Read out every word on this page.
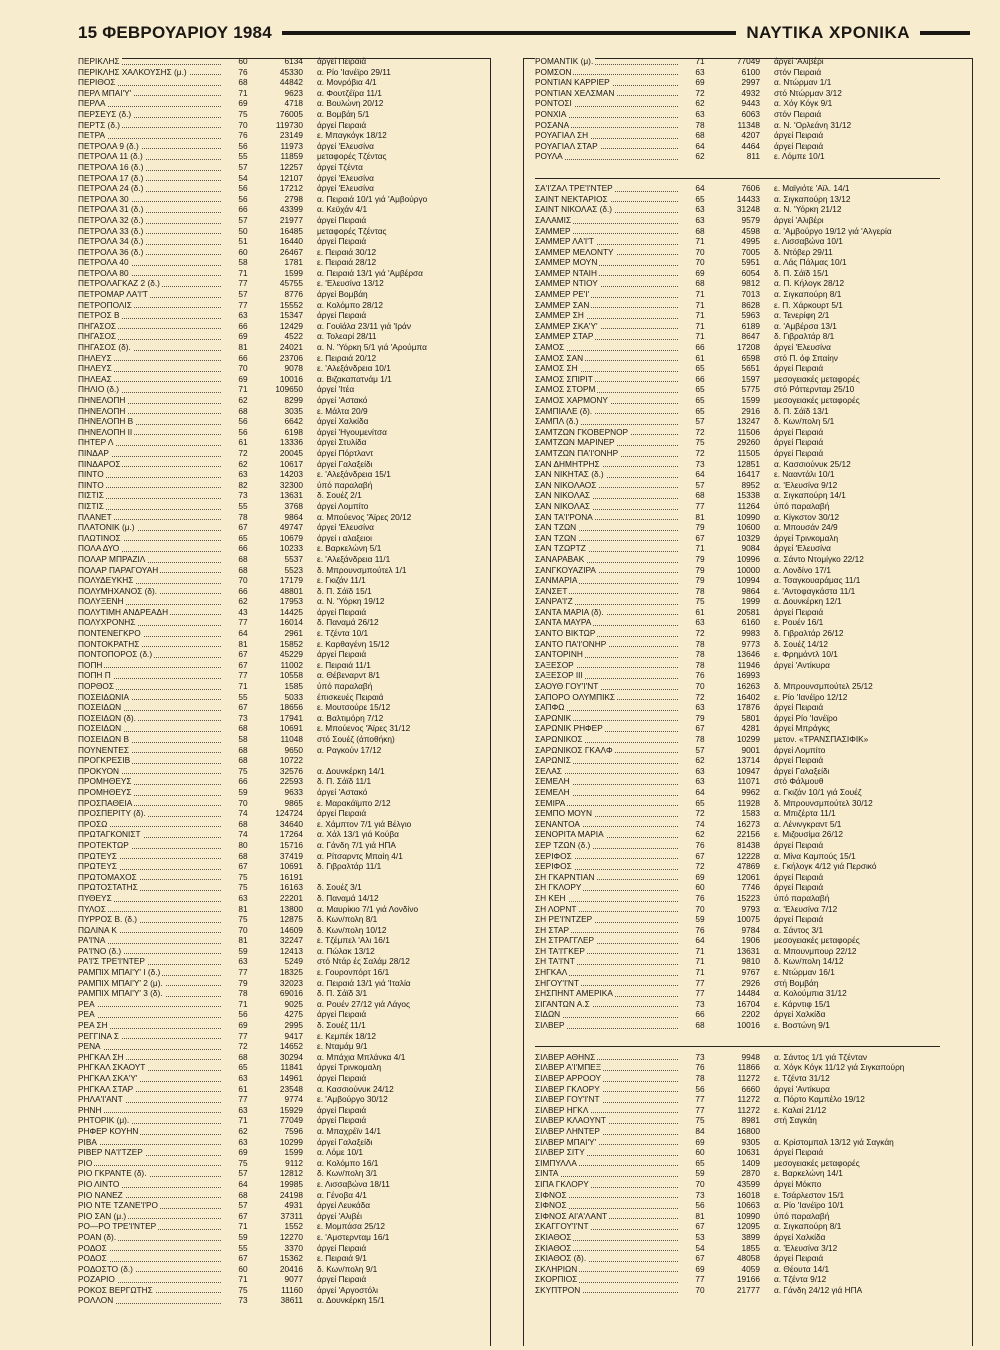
15 ΦΕΒΡΟΥΑΡΙΟΥ 1984	ΝΑΥΤΙΚΑ ΧΡΟΝΙΚΑ
ΠΕΡΙΚΛΗΣ	60	6134	άργεί Πειραιά
ΠΕΡΙΚΛΗΣ ΧΑΛΚΟΥΣΗΣ (μ.)	76	45330	α. Ρίο 'Ιανέϊρο 29/11
ΠΕΡΙΘΟΣ	68	44842	α. Μονρόβια 4/1
ΠΕΡΛ ΜΠΑΙ'Υ'	71	9623	α. Φουτζέϊρα 11/1
ΠΕΡΛΑ	69	4718	α. Βουλώνη 20/12
ΠΕΡΣΕΥΣ (δ.)	75	76005	α. Βομβάη 5/1
ΠΕΡΤΣ (δ.)	70	119730	άργεί Πειραιά
ΠΕΤΡΑ	76	23149	ε. Μπαγκόγκ 18/12
ΠΕΤΡΟΛΑ 9 (δ.)	56	11973	άργεί 'Ελευσίνα
ΠΕΤΡΟΛΑ 11 (δ.)	55	11859	μεταφορές Τζέντας
ΠΕΤΡΟΛΑ 16 (δ.)	57	12257	άργεί Τζέντα
ΠΕΤΡΟΛΑ 17 (δ.)	54	12107	άργεί 'Ελευσίνα
ΠΕΤΡΟΛΑ 24 (δ.)	56	17212	άργεί 'Ελευσίνα
ΠΕΤΡΟΛΑ 30	56	2798	α. Πειραιά 10/1 γιά 'Αμβούργο
ΠΕΤΡΟΛΑ 31 (δ.)	66	43399	α. Κεϋχάν 4/1
ΠΕΤΡΟΛΑ 32 (δ.)	57	21977	άργεί Πειραιά
ΠΕΤΡΟΛΑ 33 (δ.)	50	16485	μεταφορές Τζέντας
ΠΕΤΡΟΛΑ 34 (δ.)	51	16440	άργεί Πειραιά
ΠΕΤΡΟΛΑ 36 (δ.)	60	26467	ε. Πειραιά 30/12
ΠΕΤΡΟΛΑ 40	58	1781	ε. Πειραιά 28/12
ΠΕΤΡΟΛΑ 80	71	1599	α. Πειραιά 13/1 γιά 'Αμβέρσα
ΠΕΤΡΟΛΑΓΚΑΖ 2 (δ.)	77	45755	ε. 'Ελευσίνα 13/12
ΠΕΤΡΟΜΑΡ ΛΑ'Ι'Τ	57	8776	άργεί Βομβάη
ΠΕΤΡΟΠΟΛΙΣ	77	15552	α. Κολόμπο 28/12
ΠΕΤΡΟΣ Β	63	15347	άργεί Πειραιά
ΠΗΓΑΣΟΣ	66	12429	α. Γουϊάλα 23/11 γιά 'Ιράν
ΠΗΓΑΣΟΣ	69	4522	α. Τολεαρί 28/11
ΠΗΓΑΣΟΣ (δ).	81	24021	α. Ν. 'Υόρκη 5/1 γιά 'Αρούμπα
ΠΗΛΕΥΣ	66	23706	ε. Πειραιά 20/12
ΠΗΛΕΥΣ	70	9078	ε. 'Αλεξάνδρεια 10/1
ΠΗΛΕΑΣ	69	10016	α. Βιζακαπατνάμ 1/1
ΠΗΛΙΟ (δ.)	71	109650	άργεί 'Ιτέα
ΠΗΝΕΛΟΠΗ	62	8299	άργεί 'Αστακό
ΠΗΝΕΛΟΠΗ	68	3035	ε. Μάλτα 20/9
ΠΗΝΕΛΟΠΗ Β	56	6642	άργεί Χαλκίδα
ΠΗΝΕΛΟΠΗ ΙΙ	56	6198	άργεί 'Ηγουμενίτσα
ΠΗΤΕΡ Λ	61	13336	άργεί Στυλίδα
ΠΙΝΔΑΡ	72	20045	άργεί Πόρτλαντ
ΠΙΝΔΑΡΟΣ	62	10617	άργεί Γαλαξείδι
ΠΙΝΤΟ	63	14203	ε. 'Αλεξάνδρεια 15/1
ΠΙΝΤΟ	82	32300	ύπό παραλαβή
ΠΙΣΤΙΣ	73	13631	δ. Σουέζ 2/1
ΠΙΣΤΙΣ	55	3768	άργεί Λομπίτο
ΠΛΑΝΕΤ	78	9864	α. Μπούενος 'Άϊρες 20/12
ΠΛΑΤΟΝΙΚ (μ.)	67	49747	άργεί 'Ελευσίνα
ΠΛΩΤΙΝΟΣ	65	10679	άργεί ι αλαξειοι
ΠΟΛΑ ΔΥΟ	66	10233	ε. Βαρκελώνη 5/1
ΠΟΛΑΡ ΜΠΡΑΖΙΛ	68	5537	ε. 'Αλεξάνδρεια 11/1
ΠΟΛΑΡ ΠΑΡΑΓΟΥΑΗ	68	5523	δ. Μπρουνσμπούτελ 1/1
ΠΟΛΥΔΕΥΚΗΣ	70	17179	ε. Γκιζάν 11/1
ΠΟΛΥΜΗΧΑΝΟΣ (δ).	66	48801	δ. Π. Σάϊδ 15/1
ΠΟΛΥΞΕΝΗ	62	17953	α. Ν. 'Υόρκη 19/12
ΠΟΛΥΤΙΜΗ ΑΝΔΡΕΑΔΗ	43	14425	άργεί Πειραιά
ΠΟΛΥΧΡΟΝΗΣ	77	16014	δ. Παναμά 26/12
ΠΟΝΤΕΝΕΓΚΡΟ	64	2961	ε. Τζέντα 10/1
ΠΟΝΤΟΚΡΑΤΗΣ	81	15852	ε. Καρθαγένη 15/12
ΠΟΝΤΟΠΟΡΟΣ (δ.)	67	45229	άργεί Πειραιά
ΠΟΠΗ	67	11002	ε. Πειραιά 11/1
ΠΟΠΗ Π	77	10558	α. Θέβεναρντ 8/1
ΠΟΡΘΟΣ	71	1585	ύπό παραλαβή
ΠΟΣΕΙΔΩΝΙΑ	55	5033	έπισκευές Πειραιά
ΠΟΣΕΙΔΩΝ	67	18656	ε. Μουτσούρε 15/12
ΠΟΣΕΙΔΩΝ (δ).	73	17941	α. Βαλτιμόρη 7/12
ΠΟΣΕΙΔΩΝ	68	10691	ε. Μπούενος 'Άϊρες 31/12
ΠΟΣΕΙΔΩΝ Β	58	11048	στό Σουέζ (άποθήκη)
ΠΟΥΝΕΝΤΕΣ	68	9650	α. Ραγκούν 17/12
ΠΡΟΓΚΡΕΣΙΒ	68	10722
ΠΡΟΚΥΟΝ	75	32576	α. Δουνκέρκη 14/1
ΠΡΟΜΗΘΕΥΣ	66	22593	δ. Π. Σάϊδ 11/1
ΠΡΟΜΗΘΕΥΣ	59	9633	άργεί 'Αστακό
ΠΡΟΣΠΑΘΕΙΑ	70	9865	ε. Μαρακάϊμπο 2/12
ΠΡΟΣΠΕΡΙΤΥ (δ).	74	124724	άργεί Πειραιά
ΠΡΟΣΩ	68	34640	ε. Χάμπτον 7/1 γιά Βέλγιο
ΠΡΩΤΑΓΚΟΝΙΣΤ	74	17264	α. Χάλ 13/1 γιά Κούβα
ΠΡΟΤΕΚΤΩΡ	80	15716	α. Γάνδη 7/1 γιά ΗΠΑ
ΠΡΩΤΕΥΣ	68	37419	α. Ρίτσαρντς Μπαίη 4/1
ΠΡΩΤΕΥΣ	67	10691	δ. Γιβραλτάρ 11/1
ΠΡΩΤΟΜΑΧΟΣ	75	16191
ΠΡΩΤΟΣΤΑΤΗΣ	75	16163	δ. Σουέζ 3/1
ΠΥΘΕΥΣ	63	22201	δ. Παναμά 14/12
ΠΥΛΟΣ	81	13800	α. Μαυρίκιο 7/1 γιά Λονδίνο
ΠΥΡΡΟΣ Β. (δ.)	75	12875	δ. Κων/πολη 8/1
ΠΩΛΙΝΑ Κ	70	14609	δ. Κων/πολη 10/12
ΡΑ'Ι'ΝΑ	81	32247	ε. Τζέμπελ 'Αλι 16/1
ΡΑ'Ι'ΝΟ (δ.)	59	12413	α. Πώλακ 13/12
ΡΑ'Ι'Σ ΤΡΕ'Ι'ΝΤΕΡ	63	5249	στό Ντάρ ές Σαλάμ 28/12
ΡΑΜΠΙΧ ΜΠΑΙ'Υ' Ι (δ.)	77	18325	ε. Γουρονπόρτ 16/1
ΡΑΜΠΙΧ ΜΠΑΙ'Υ' 2 (μ).	79	32023	α. Πειραιά 13/1 γιά 'Ιταλία
ΡΑΜΠΙΧ ΜΠΑΙ'Υ' 3 (δ).	78	69016	δ. Π. Σάϊδ 3/1
ΡΕΑ	71	9025	α. Ρουέν 27/12 γιά Λάγος
ΡΕΑ	56	4275	άργεί Πειραιά
ΡΕΑ ΣΗ	69	2995	δ. Σουέζ 11/1
ΡΕΓΓΙΝΑ Σ	77	9417	ε. Κεμπέκ 18/12
ΡΕΝΑ	72	14652	ε. Νταμάμ 9/1
ΡΗΓΚΑΛ ΣΗ	68	30294	α. Μπάχια Μπλάνκα 4/1
ΡΗΓΚΑΛ ΣΚΑΟΥΤ	65	11841	άργεί Τρινκομαλη
ΡΗΓΚΑΛ ΣΚΑ'Υ'	63	14961	άργεί Πειραιά
ΡΗΓΚΑΛ ΣΤΑΡ	61	23548	α. Κασσιούνυκ 24/12
ΡΗΛΑ'Ι'ΑΝΤ	77	9774	ε. 'Αμβούργο 30/12
ΡΗΝΗ	63	15929	άργεί Πειραιά
ΡΗΤΟΡΙΚ (μ).	71	77049	άργεί Πειραιά
ΡΗΦΕΡ ΚΟΥΗΝ	62	7596	α. Μπαχρέϊν 14/1
ΡΙΒΑ	63	10299	άργεί Γαλαξείδι
ΡΙΒΕΡ ΝΑ'Ι'ΤΖΕΡ	69	1599	α. Λόμε 10/1
ΡΙΟ	75	9112	α. Κολόμπο 16/1
ΡΙΟ ΓΚΡΑΝΤΕ (δ).	57	12812	δ. Κων/πολη 3/1
ΡΙΟ ΛΙΝΤΟ	64	19985	ε. Λισσαβώνα 18/11
ΡΙΟ ΝΑΝΕΖ	68	24198	α. Γένοβα 4/1
ΡΙΟ ΝΤΕ ΤΖΑΝΕ'Ι'ΡΟ	57	4931	άργεί Λευκάδα
ΡΙΟ ΣΑΝ (μ.)	67	37311	άργεί 'Αλιβέι
ΡΟ—ΡΟ ΤΡΕ'Ι'ΝΤΕΡ	71	1552	ε. Μομπάσα 25/12
ΡΟΑΝ (δ).	59	12270	ε. 'Αμστερνταμ 16/1
ΡΟΔΟΣ	55	3370	άργεί Πειραιά
ΡΟΔΟΣ	67	15362	ε. Πειραιά 9/1
ΡΟΔΟΣΤΟ (δ.)	60	20416	δ. Κων/πολη 9/1
ΡΟΖΑΡΙΟ	71	9077	άργεί Πειραιά
ΡΟΚΟΣ ΒΕΡΓΩΤΗΣ	75	11160	άργεί 'Αργοστόλι
ΡΟΛΛΟΝ	73	38611	α. Δουνκέρκη 15/1
ΡΟΜΑΝΤΙΚ (μ).	71	77049	άργεί 'Αλιβέρι
ΡΟΜΣΟΝ	63	6100	στόν Πειραιά
ΡΟΝΤΙΑΝ ΚΑΡΡΙΕΡ	69	2997	α. Ντώρμαν 1/1
ΡΟΝΤΙΑΝ ΧΕΛΣΜΑΝ	72	4932	στό Ντώρμαν 3/12
ΡΟΝΤΟΣΙ	62	9443	α. Χόγ Κόγκ 9/1
ΡΟΝΧΙΑ	63	6063	στόν Πειραιά
ΡΟΣΑΝΑ	78	11348	α. Ν. 'Ορλεάνη 31/12
ΡΟΥΑΓΙΑΛ ΣΗ	68	4207	άργεί Πειραιά
ΡΟΥΑΓΙΑΛ ΣΤΑΡ	64	4464	άργεί Πειραιά
ΡΟΥΛΑ	62	811	ε. Λόμπε 10/1
ΣΑ'Ι'ΖΑΛ ΤΡΕ'Ι'ΝΤΕΡ	64	7606	ε. Μαϊγιότε 'Αϊλ. 14/1
ΣΑΙΝΤ ΝΕΚΤΑΡΙΟΣ	65	14433	α. Σιγκαπούρη 13/12
ΣΑΙΝΤ ΝΙΚΟΛΑΣ (δ.)	63	31248	α. Ν. 'Υόρκη 21/12
ΣΑΛΑΜΙΣ	63	9579	άργεί 'Αλιβέρι
ΣΑΜΜΕΡ	68	4598	α. 'Αμβούργο 19/12 γιά 'Αλγερία
ΣΑΜΜΕΡ ΛΑ'Ι'Τ	71	4995	ε. Λισσαβώνα 10/1
ΣΑΜΜΕΡ ΜΕΛΟΝΤΥ	70	7005	δ. Ντόβερ 29/11
ΣΑΜΜΕΡ ΜΟΥΝ	70	5951	α. Λάς Πάλμας 10/1
ΣΑΜΜΕΡ ΝΤΑΙΗ	69	6054	δ. Π. Σάϊδ 15/1
ΣΑΜΜΕΡ ΝΤΙΟΥ	68	9812	α. Π. Κήλογκ 28/12
ΣΑΜΜΕΡ ΡΕ'Ι'	71	7013	α. Σιγκαπούρη 8/1
ΣΑΜΜΕΡ ΣΑΝ	71	8628	ε. Π. Χάρκουρτ 5/1
ΣΑΜΜΕΡ ΣΗ	71	5963	α. Τενερίφη 2/1
ΣΑΜΜΕΡ ΣΚΑ'Υ'	71	6189	α. 'Αμβέρσα 13/1
ΣΑΜΜΕΡ ΣΤΑΡ	71	8647	δ. Γιβραλτάρ 8/1
ΣΑΜΟΣ	66	17208	άργεί 'Ελευσίνα
ΣΑΜΟΣ ΣΑΝ	61	6598	στό Π. όφ Σπαίην
ΣΑΜΟΣ ΣΗ	65	5651	άργεί Πειραιά
ΣΑΜΟΣ ΣΠΙΡΙΤ	66	1597	μεσογειακές μεταφορές
ΣΑΜΟΣ ΣΤΟΡΜ	65	5775	στό Ρόττερνταμ 25/10
ΣΑΜΟΣ ΧΑΡΜΟΝΥ	65	1599	μεσογειακές μεταφορές
ΣΑΜΠΙΑΛΕ (δ).	65	2916	δ. Π. Σάϊδ 13/1
ΣΑΜΠΛ (δ.)	57	13247	δ. Κων/πολη 5/1
ΣΑΜΤΖΩΝ ΓΚΟΒΕΡΝΟΡ	72	11506	άργεί Πειραιά
ΣΑΜΤΖΩΝ ΜΑΡΙΝΕΡ	75	29260	άργεί Πειραιά
ΣΑΜΤΖΩΝ ΠΑ'Ι'ΟΝΗΡ	72	11505	άργεί Πειραιά
ΣΑΝ ΔΗΜΗΤΡΗΣ	73	12851	α. Κασσιούνυκ 25/12
ΣΑΝ ΝΙΚΗΤΑΣ (δ.)	64	16417	ε. Νααντάλι 10/1
ΣΑΝ ΝΙΚΟΛΑΟΣ	57	8952	α. 'Ελευσίνα 9/12
ΣΑΝ ΝΙΚΟΛΑΣ	68	15338	α. Σιγκαπούρη 14/1
ΣΑΝ ΝΙΚΟΛΑΣ	77	11264	ύπό παραλαβή
ΣΑΝ ΤΑ'Ι'ΡΟΝΑ	81	10990	α. Κίγκστον 30/12
ΣΑΝ ΤΖΩΝ	79	10600	α. Μπουσάν 24/9
ΣΑΝ ΤΖΩΝ	67	10329	άργεί Τρινκομαλη
ΣΑΝ ΤΖΩΡΤΖ	71	9084	άργεί 'Ελευσίνα
ΣΑΝΑΡΑΒΑΚ	79	10996	α. Σάντο Ντομίγκο 22/12
ΣΑΝΓΚΟΥΑΖΙΡΑ	79	10000	α. Λονδίνο 17/1
ΣΑΝΜΑΡΙΑ	79	10994	α. Τσαγκουαράμας 11/1
ΣΑΝΣΕΤ	78	9864	ε. 'Αντοφαγκάστα 11/1
ΣΑΝΡΑ'Ι'Ζ	75	1999	α. Δουνκέρκη 12/1
ΣΑΝΤΑ ΜΑΡΙΑ (δ).	61	20581	άργεί Πειραιά
ΣΑΝΤΑ ΜΑΥΡΑ	63	6160	ε. Ρουέν 16/1
ΣΑΝΤΟ ΒΙΚΤΩΡ	72	9983	δ. Γιβραλτάρ 26/12
ΣΑΝΤΟ ΠΑ'Ι'ΟΝΗΡ	78	9773	δ. Σουέζ 14/12
ΣΑΝΤΟΡΙΝΗ	78	13646	ε. Φρημάντλ 10/1
ΣΑΞΕΣΟΡ	78	11946	άργεί 'Αντίκυρα
ΣΑΞΕΣΟΡ ΙΙΙ	76	16993
ΣΑΟΥΘ ΓΟΥ'Ι'ΝΤ	70	16263	δ. Μπρουνσμπούτελ 25/12
ΣΑΠΟΡΟ ΟΛΥΜΠΙΚΣ	72	16402	ε. Ρίο 'Ιανέϊρο 12/12
ΣΑΠΦΩ	63	17876	άργεί Πειραιά
ΣΑΡΩΝΙΚ	79	5801	άργεί Ρίο 'Ιανέϊρο
ΣΑΡΩΝΙΚ ΡΗΦΕΡ	67	4281	άργεί Μπράγκς
ΣΑΡΩΝΙΚΟΣ	78	10299	μετον. «ΤΡΑΝΣΠΑΣΙΦΙΚ»
ΣΑΡΩΝΙΚΟΣ ΓΚΑΛΦ	57	9001	άργεί Λομπίτο
ΣΑΡΩΝΙΣ	62	13714	άργεί Πειραιά
ΣΕΛΑΣ	63	10947	άργεί Γαλαξείδι
ΣΕΜΕΛΗ	63	11071	στό Φάλμουθ
ΣΕΜΕΛΗ	64	9962	α. Γκιζάν 10/1 γιά Σουέζ
ΣΕΜΙΡΑ	65	11928	δ. Μπρουνσμπούτελ 30/12
ΣΕΜΠΟ ΜΟΥΝ	72	1583	α. Μπιζέρτα 11/1
ΣΕΝΑΝΤΟΑ	74	16273	α. Λένινγκραντ 5/1
ΣΕΝΟΡΙΤΑ ΜΑΡΙΑ	62	22156	ε. Μιζουσίμα 26/12
ΣΕΡ ΤΖΩΝ (δ.)	76	81438	άργεί Πειραιά
ΣΕΡΙΦΟΣ	67	12228	α. Μίνα Καμπούς 15/1
ΣΕΡΙΦΟΣ	72	47869	ε. Γκήλογκ 4/12 γιά Περσικό
ΣΗ ΓΚΑΡΝΤΙΑΝ	69	12061	άργεί Πειραιά
ΣΗ ΓΚΛΟΡΥ	60	7746	άργεί Πειραιά
ΣΗ ΚΕΗ	76	15223	ύπό παραλαβή
ΣΗ ΛΟΡΝΤ	70	9793	α. 'Ελευσίνα 7/12
ΣΗ ΡΕ'Ι'ΝΤΖΕΡ	59	10075	άργεί Πειραιά
ΣΗ ΣΤΑΡ	76	9784	α. Σάντος 3/1
ΣΗ ΣΤΡΑΓΓΛΕΡ	64	1906	μεσογειακές μεταφορές
ΣΗ ΤΑ'Ι'ΓΚΕΡ	71	13631	α. Μπουνμπουρ 22/12
ΣΗ ΤΑ'Ι'ΝΤ	71	9810	δ. Κων/πολη 14/12
ΣΗΓΚΑΛ	71	9767	ε. Ντώρμαν 16/1
ΣΗΓΟΥ'Ι'ΝΤ	77	2926	στή Βομβάη
ΣΗΣΠΗΝΤ ΑΜΕΡΙΚΑ	77	14484	α. Κολούμπια 31/12
ΣΙΓΑΝΤΩΝ Α.Σ	73	16704	ε. Κάρντιφ 15/1
ΣΙΔΩΝ	66	2202	άργεί Χαλκίδα
ΣΙΛΒΕΡ	68	10016	ε. Βοστώνη 9/1
ΣΙΛΒΕΡ ΑΘΗΝΣ	73	9948	α. Σάντος 1/1 γιά Τζένταν
ΣΙΛΒΕΡ Α'Ι'ΜΠΕΞ	76	11866	α. Χόγκ Κόγκ 11/12 γιά Σιγκαπούρη
ΣΙΛΒΕΡ ΑΡΡΟΟΥ	78	11272	ε. Τζέντα 31/12
ΣΙΛΒΕΡ ΓΚΛΟΡΥ	56	6660	άργεί 'Αντίκυρα
ΣΙΛΒΕΡ ΓΟΥ'Ι'ΝΤ	77	11272	α. Πόρτο Καμπέλο 19/12
ΣΙΛΒΕΡ ΗΓΚΛ	77	11272	ε. Καλαί 21/12
ΣΙΛΒΕΡ ΚΛΑΟΥΝΤ	75	8981	στή Σαγκάη
ΣΙΛΒΕΡ ΛΗΝΤΕΡ	84	16800
ΣΙΛΒΕΡ ΜΠΑΙ'Υ'	69	9305	α. Κρίστομπαλ 13/12 γιά Σαγκάη
ΣΙΛΒΕΡ ΣΙΤΥ	60	10631	άργεί Πειραιά
ΣΙΜΠΥΛΛΑ	65	1409	μεσογειακές μεταφορές
ΣΙΝΤΑ	59	2870	ε. Βαρκελώνη 14/1
ΣΙΠΑ ΓΚΛΟΡΥ	70	43599	άργεί Μόκπο
ΣΙΦΝΟΣ	73	16018	ε. Τσάρλεστον 15/1
ΣΙΦΝΟΣ	56	10663	α. Ρίο 'Ιανέϊρο 10/1
ΣΙΦΝΟΣ ΑΙ'Α'ΛΑΝΤ	81	10990	ύπό παραλαβή
ΣΚΑΓΓΟΥ'Ι'ΝΤ	67	12095	α. Σιγκαπούρη 8/1
ΣΚΙΑΘΟΣ	53	3899	άργεί Χαλκίδα
ΣΚΙΑΘΟΣ	54	1855	α. 'Ελευσίνα 3/12
ΣΚΙΑΘΟΣ (δ).	67	48058	άργεί Πειραιά
ΣΚΛΗΡΙΩΝ	69	4059	α. Θέουτα 14/1
ΣΚΟΡΠΙΟΣ	77	19166	α. Τζέντα 9/12
ΣΚΥΠΤΡΟΝ	70	21777	α. Γάνδη 24/12 γιά ΗΠΑ
